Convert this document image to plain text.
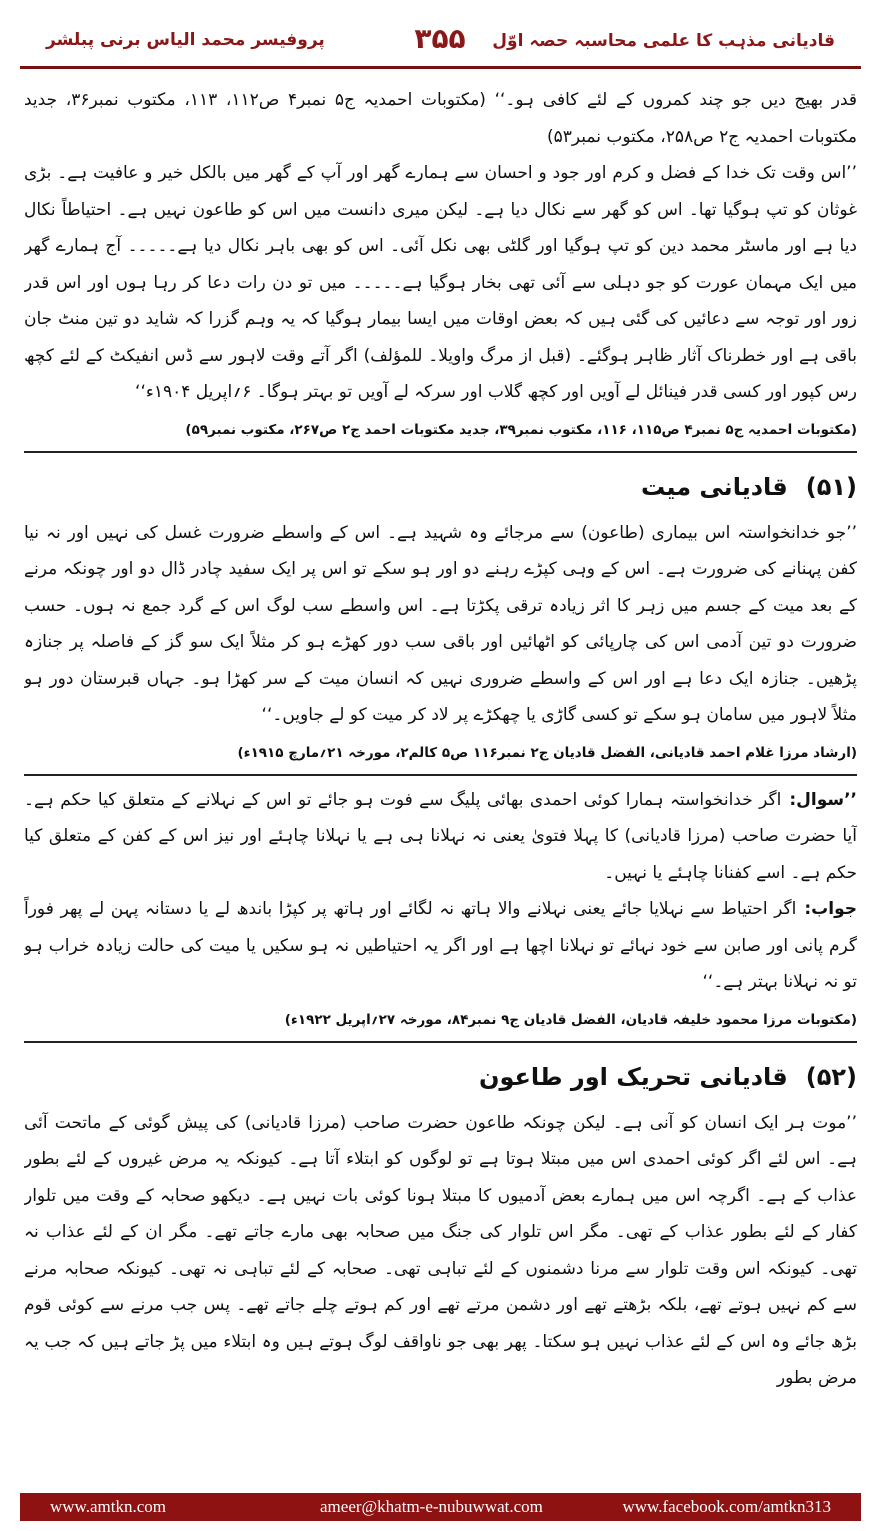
قادیانی مذہب کا علمی محاسبہ حصہ اوّل
۳۵۵
پروفیسر محمد الیاس برنی پبلشر

قدر بھیج دیں جو چند کمروں کے لئے کافی ہو۔‘‘ (مکتوبات احمدیہ ج۵ نمبر۴ ص۱۱۲، ۱۱۳، مکتوب نمبر۳۶، جدید مکتوبات احمدیہ ج۲ ص۲۵۸، مکتوب نمبر۵۳)

’’اس وقت تک خدا کے فضل و کرم اور جود و احسان سے ہمارے گھر اور آپ کے گھر میں بالکل خیر و عافیت ہے۔ بڑی غوثان کو تپ ہوگیا تھا۔ اس کو گھر سے نکال دیا ہے۔ لیکن میری دانست میں اس کو طاعون نہیں ہے۔ احتیاطاً نکال دیا ہے اور ماسٹر محمد دین کو تپ ہوگیا اور گلٹی بھی نکل آئی۔ اس کو بھی باہر نکال دیا ہے۔۔۔۔۔ آج ہمارے گھر میں ایک مہمان عورت کو جو دہلی سے آئی تھی بخار ہوگیا ہے۔۔۔۔۔ میں تو دن رات دعا کر رہا ہوں اور اس قدر زور اور توجہ سے دعائیں کی گئی ہیں کہ بعض اوقات میں ایسا بیمار ہوگیا کہ یہ وہم گزرا کہ شاید دو تین منٹ جان باقی ہے اور خطرناک آثار ظاہر ہوگئے۔ (قبل از مرگ واویلا۔ للمؤلف) اگر آتے وقت لاہور سے ڈس انفیکٹ کے لئے کچھ رس کپور اور کسی قدر فینائل لے آویں اور کچھ گلاب اور سرکہ لے آویں تو بہتر ہوگا۔ ۶؍اپریل ۱۹۰۴ء‘‘

(مکتوبات احمدیہ ج۵ نمبر۴ ص۱۱۵، ۱۱۶، مکتوب نمبر۳۹، جدید مکتوبات احمد ج۲ ص۲۶۷، مکتوب نمبر۵۹)

(۵۱)قادیانی میت

’’جو خدانخواستہ اس بیماری (طاعون) سے مرجائے وہ شہید ہے۔ اس کے واسطے ضرورت غسل کی نہیں اور نہ نیا کفن پہنانے کی ضرورت ہے۔ اس کے وہی کپڑے رہنے دو اور ہو سکے تو اس پر ایک سفید چادر ڈال دو اور چونکہ مرنے کے بعد میت کے جسم میں زہر کا اثر زیادہ ترقی پکڑتا ہے۔ اس واسطے سب لوگ اس کے گرد جمع نہ ہوں۔ حسب ضرورت دو تین آدمی اس کی چارپائی کو اٹھائیں اور باقی سب دور کھڑے ہو کر مثلاً ایک سو گز کے فاصلہ پر جنازہ پڑھیں۔ جنازہ ایک دعا ہے اور اس کے واسطے ضروری نہیں کہ انسان میت کے سر کھڑا ہو۔ جہاں قبرستان دور ہو مثلاً لاہور میں سامان ہو سکے تو کسی گاڑی یا چھکڑے پر لاد کر میت کو لے جاویں۔‘‘

(ارشاد مرزا غلام احمد قادیانی، الفضل قادیان ج۲ نمبر۱۱۶ ص۵ کالم۲، مورخہ ۲۱؍مارچ ۱۹۱۵ء)

’’سوال:اگر خدانخواستہ ہمارا کوئی احمدی بھائی پلیگ سے فوت ہو جائے تو اس کے نہلانے کے متعلق کیا حکم ہے۔ آیا حضرت صاحب (مرزا قادیانی) کا پہلا فتویٰ یعنی نہ نہلانا ہی ہے یا نہلانا چاہئے اور نیز اس کے کفن کے متعلق کیا حکم ہے۔ اسے کفنانا چاہئے یا نہیں۔

جواب:اگر احتیاط سے نہلایا جائے یعنی نہلانے والا ہاتھ نہ لگائے اور ہاتھ پر کپڑا باندھ لے یا دستانہ پہن لے پھر فوراً گرم پانی اور صابن سے خود نہائے تو نہلانا اچھا ہے اور اگر یہ احتیاطیں نہ ہو سکیں یا میت کی حالت زیادہ خراب ہو تو نہ نہلانا بہتر ہے۔‘‘

(مکتوبات مرزا محمود خلیفہ قادیان، الفضل قادیان ج۹ نمبر۸۴، مورخہ ۲۷؍اپریل ۱۹۲۲ء)

(۵۲)قادیانی تحریک اور طاعون

’’موت ہر ایک انسان کو آنی ہے۔ لیکن چونکہ طاعون حضرت صاحب (مرزا قادیانی) کی پیش گوئی کے ماتحت آئی ہے۔ اس لئے اگر کوئی احمدی اس میں مبتلا ہوتا ہے تو لوگوں کو ابتلاء آتا ہے۔ کیونکہ یہ مرض غیروں کے لئے بطور عذاب کے ہے۔ اگرچہ اس میں ہمارے بعض آدمیوں کا مبتلا ہونا کوئی بات نہیں ہے۔ دیکھو صحابہ کے وقت میں تلوار کفار کے لئے بطور عذاب کے تھی۔ مگر اس تلوار کی جنگ میں صحابہ بھی مارے جاتے تھے۔ مگر ان کے لئے عذاب نہ تھی۔ کیونکہ اس وقت تلوار سے مرنا دشمنوں کے لئے تباہی تھی۔ صحابہ کے لئے تباہی نہ تھی۔ کیونکہ صحابہ مرنے سے کم نہیں ہوتے تھے، بلکہ بڑھتے تھے اور دشمن مرتے تھے اور کم ہوتے چلے جاتے تھے۔ پس جب مرنے سے کوئی قوم بڑھ جائے وہ اس کے لئے عذاب نہیں ہو سکتا۔ پھر بھی جو ناواقف لوگ ہوتے ہیں وہ ابتلاء میں پڑ جاتے ہیں کہ جب یہ مرض بطور

www.amtkn.com	ameer@khatm-e-nubuwwat.com	www.facebook.com/amtkn313
